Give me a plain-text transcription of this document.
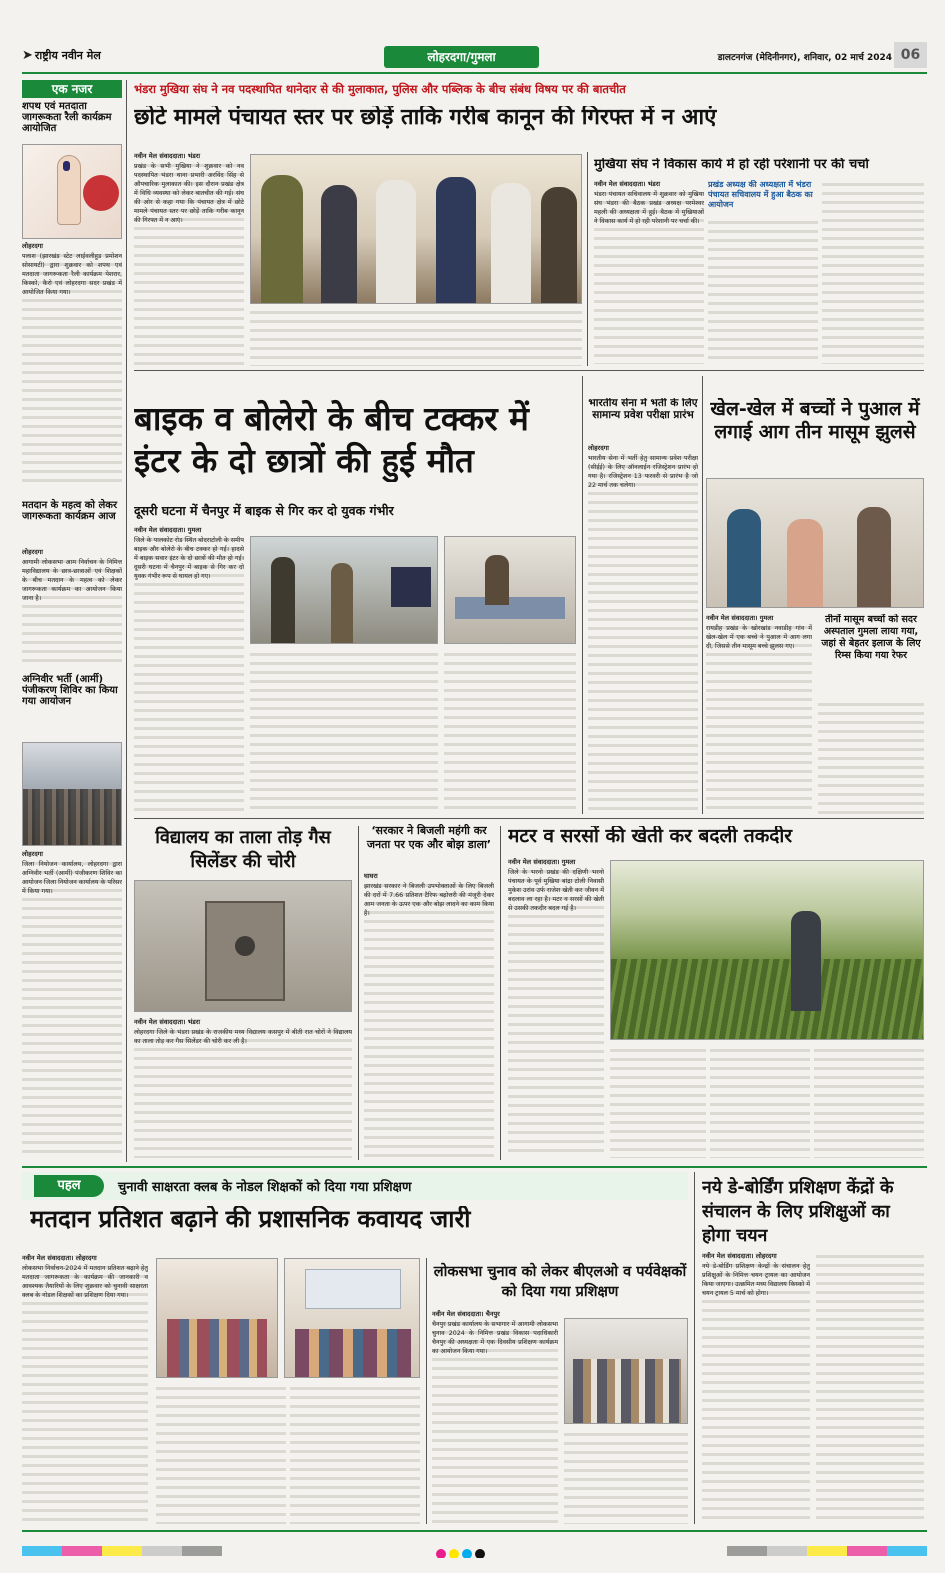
➤ राष्ट्रीय नवीन मेल	लोहरदगा/गुमला	डालटनगंज (मेदिनीनगर), शनिवार, 02 मार्च 2024 06
एक नजर
शपथ एवं मतदाता जागरूकता रैली कार्यक्रम आयोजित
लोहरदगा
पलाश (झारखंड स्टेट लाईवलीहुड प्रमोशन सोसायटी) द्वारा शुक्रवार को शपथ एवं मतदाता जागरूकता रैली कार्यक्रम पेशरार, किस्को, कैरो एवं लोहरदगा सदर प्रखंड में आयोजित किया गया।
मतदान के महत्व को लेकर जागरूकता कार्यक्रम आज
लोहरदगा
आगामी लोकसभा आम निर्वाचन के निमित्त महाविद्यालय के छात्र-छात्राओं एवं शिक्षकों के बीच मतदान के महत्व को लेकर जागरूकता कार्यक्रम का आयोजन किया जाना है।
अग्निवीर भर्ती (आर्मी) पंजीकरण शिविर का किया गया आयोजन
लोहरदगा
जिला नियोजन कार्यालय, लोहरदगा द्वारा अग्निवीर भर्ती (आर्मी) पंजीकरण शिविर का आयोजन जिला नियोजन कार्यालय के परिसर में किया गया।
भंडरा मुखिया संघ ने नव पदस्थापित थानेदार से की मुलाकात, पुलिस और पब्लिक के बीच संबंध विषय पर की बातचीत
छोटे मामले पंचायत स्तर पर छोड़ें ताकि गरीब कानून की गिरफ्त में न आएं
नवीन मेल संवाददाता। भंडरा
प्रखंड के सभी मुखिया ने शुक्रवार को नव पदस्थापित भंडरा थाना प्रभारी अरविंद सिंह से औपचारिक मुलाकात की। इस दौरान प्रखंड क्षेत्र में विधि व्यवस्था को लेकर बातचीत की गई। संघ की ओर से कहा गया कि पंचायत क्षेत्र में छोटे मामले पंचायत स्तर पर छोड़ें ताकि गरीब कानून की गिरफ्त में न आएं।
मुखिया संघ ने विकास कार्य में हो रही परेशानी पर की चर्चा
नवीन मेल संवाददाता। भंडरा
भंडरा पंचायत सचिवालय में शुक्रवार को मुखिया संघ भंडरा की बैठक प्रखंड अध्यक्ष परमेश्वर महली की अध्यक्षता में हुई। बैठक में मुखियाओं ने विकास कार्य में हो रही परेशानी पर चर्चा की।
प्रखंड अध्यक्ष की अध्यक्षता में भंडरा पंचायत सचिवालय में हुआ बैठक का आयोजन
बाइक व बोलेरो के बीच टक्कर में इंटर के दो छात्रों की हुई मौत
दूसरी घटना में चैनपुर में बाइक से गिर कर दो युवक गंभीर
नवीन मेल संवाददाता। गुमला
जिले के पालकोट रोड स्थित बोदराटोली के समीप बाइक और बोलेरो के बीच टक्कर हो गई। हादसे में बाइक सवार इंटर के दो छात्रों की मौत हो गई। दूसरी घटना में चैनपुर में बाइक से गिर कर दो युवक गंभीर रूप से घायल हो गए।
भारतीय सेना में भर्ती के लिए सामान्य प्रवेश परीक्षा प्रारंभ
लोहरदगा
भारतीय सेना में भर्ती हेतु सामान्य प्रवेश परीक्षा (सीईई) के लिए ऑनलाईन रजिस्ट्रेशन प्रारंभ हो गया है। रजिस्ट्रेशन 13 फरवरी से प्रारंभ है जो 22 मार्च तक चलेगा।
खेल-खेल में बच्चों ने पुआल में लगाई आग तीन मासूम झुलसे
नवीन मेल संवाददाता। गुमला
रायडीह प्रखंड के खोरखांड नवाडीह गांव में खेल-खेल में एक बच्चे ने पुआल में आग लगा दी, जिससे तीन मासूम बच्चे झुलस गए।
तीनों मासूम बच्चों को सदर अस्पताल गुमला लाया गया, जहां से बेहतर इलाज के लिए रिम्स किया गया रेफर
विद्यालय का ताला तोड़ गैस सिलेंडर की चोरी
नवीन मेल संवाददाता। भंडरा
लोहरदगा जिले के भंडरा प्रखंड के राजकीय मध्य विद्यालय कसपुर में बीती रात चोरों ने विद्यालय का ताला तोड़ कर गैस सिलेंडर की चोरी कर ली है।
‘सरकार ने बिजली महंगी कर जनता पर एक और बोझ डाला’
घाघरा
झारखंड सरकार ने बिजली उपभोक्ताओं के लिए बिजली की दरों में 7.66 प्रतिशत टैरिफ बढ़ोत्तरी की मंजूरी देकर आम जनता के ऊपर एक और बोझ लादने का काम किया है।
मटर व सरसों की खेती कर बदली तकदीर
नवीन मेल संवाददाता। गुमला
जिले के भरनो प्रखंड की दक्षिणी भरनो पंचायत के पूर्व मुखिया बांद्रा टोली निवासी मुकेश उरांव उर्फ राजेश खेती कर जीवन में बदलाव ला रहा है। मटर व सरसों की खेती से उसकी तकदीर बदल गई है।
पहल	चुनावी साक्षरता क्लब के नोडल शिक्षकों को दिया गया प्रशिक्षण
मतदान प्रतिशत बढ़ाने की प्रशासनिक कवायद जारी
नवीन मेल संवाददाता। लोहरदगा
लोकसभा निर्वाचन-2024 में मतदान प्रतिशत बढ़ाने हेतु मतदाता जागरूकता के कार्यक्रम की जानकारी व आवश्यक तैयारियों के लिए शुक्रवार को चुनावी साक्षरता क्लब के नोडल शिक्षकों का प्रशिक्षण दिया गया।
लोकसभा चुनाव को लेकर बीएलओ व पर्यवेक्षकों को दिया गया प्रशिक्षण
नवीन मेल संवाददाता। चैनपुर
चैनपुर प्रखंड कार्यालय के सभागार में आगामी लोकसभा चुनाव 2024 के निमित्त प्रखंड विकास पदाधिकारी चैनपुर की अध्यक्षता में एक दिवसीय प्रशिक्षण कार्यक्रम का आयोजन किया गया।
नये डे-बोर्डिंग प्रशिक्षण केंद्रों के संचालन के लिए प्रशिक्षुओं का होगा चयन
नवीन मेल संवाददाता। लोहरदगा
नये डे-बोर्डिंग प्रशिक्षण केन्द्रों के संचालन हेतु प्रशिक्षुओं के निमित्त चयन ट्रायल का आयोजन किया जाएगा। उत्क्रमित मध्य विद्यालय किस्को में चयन ट्रायल 5 मार्च को होगा।
